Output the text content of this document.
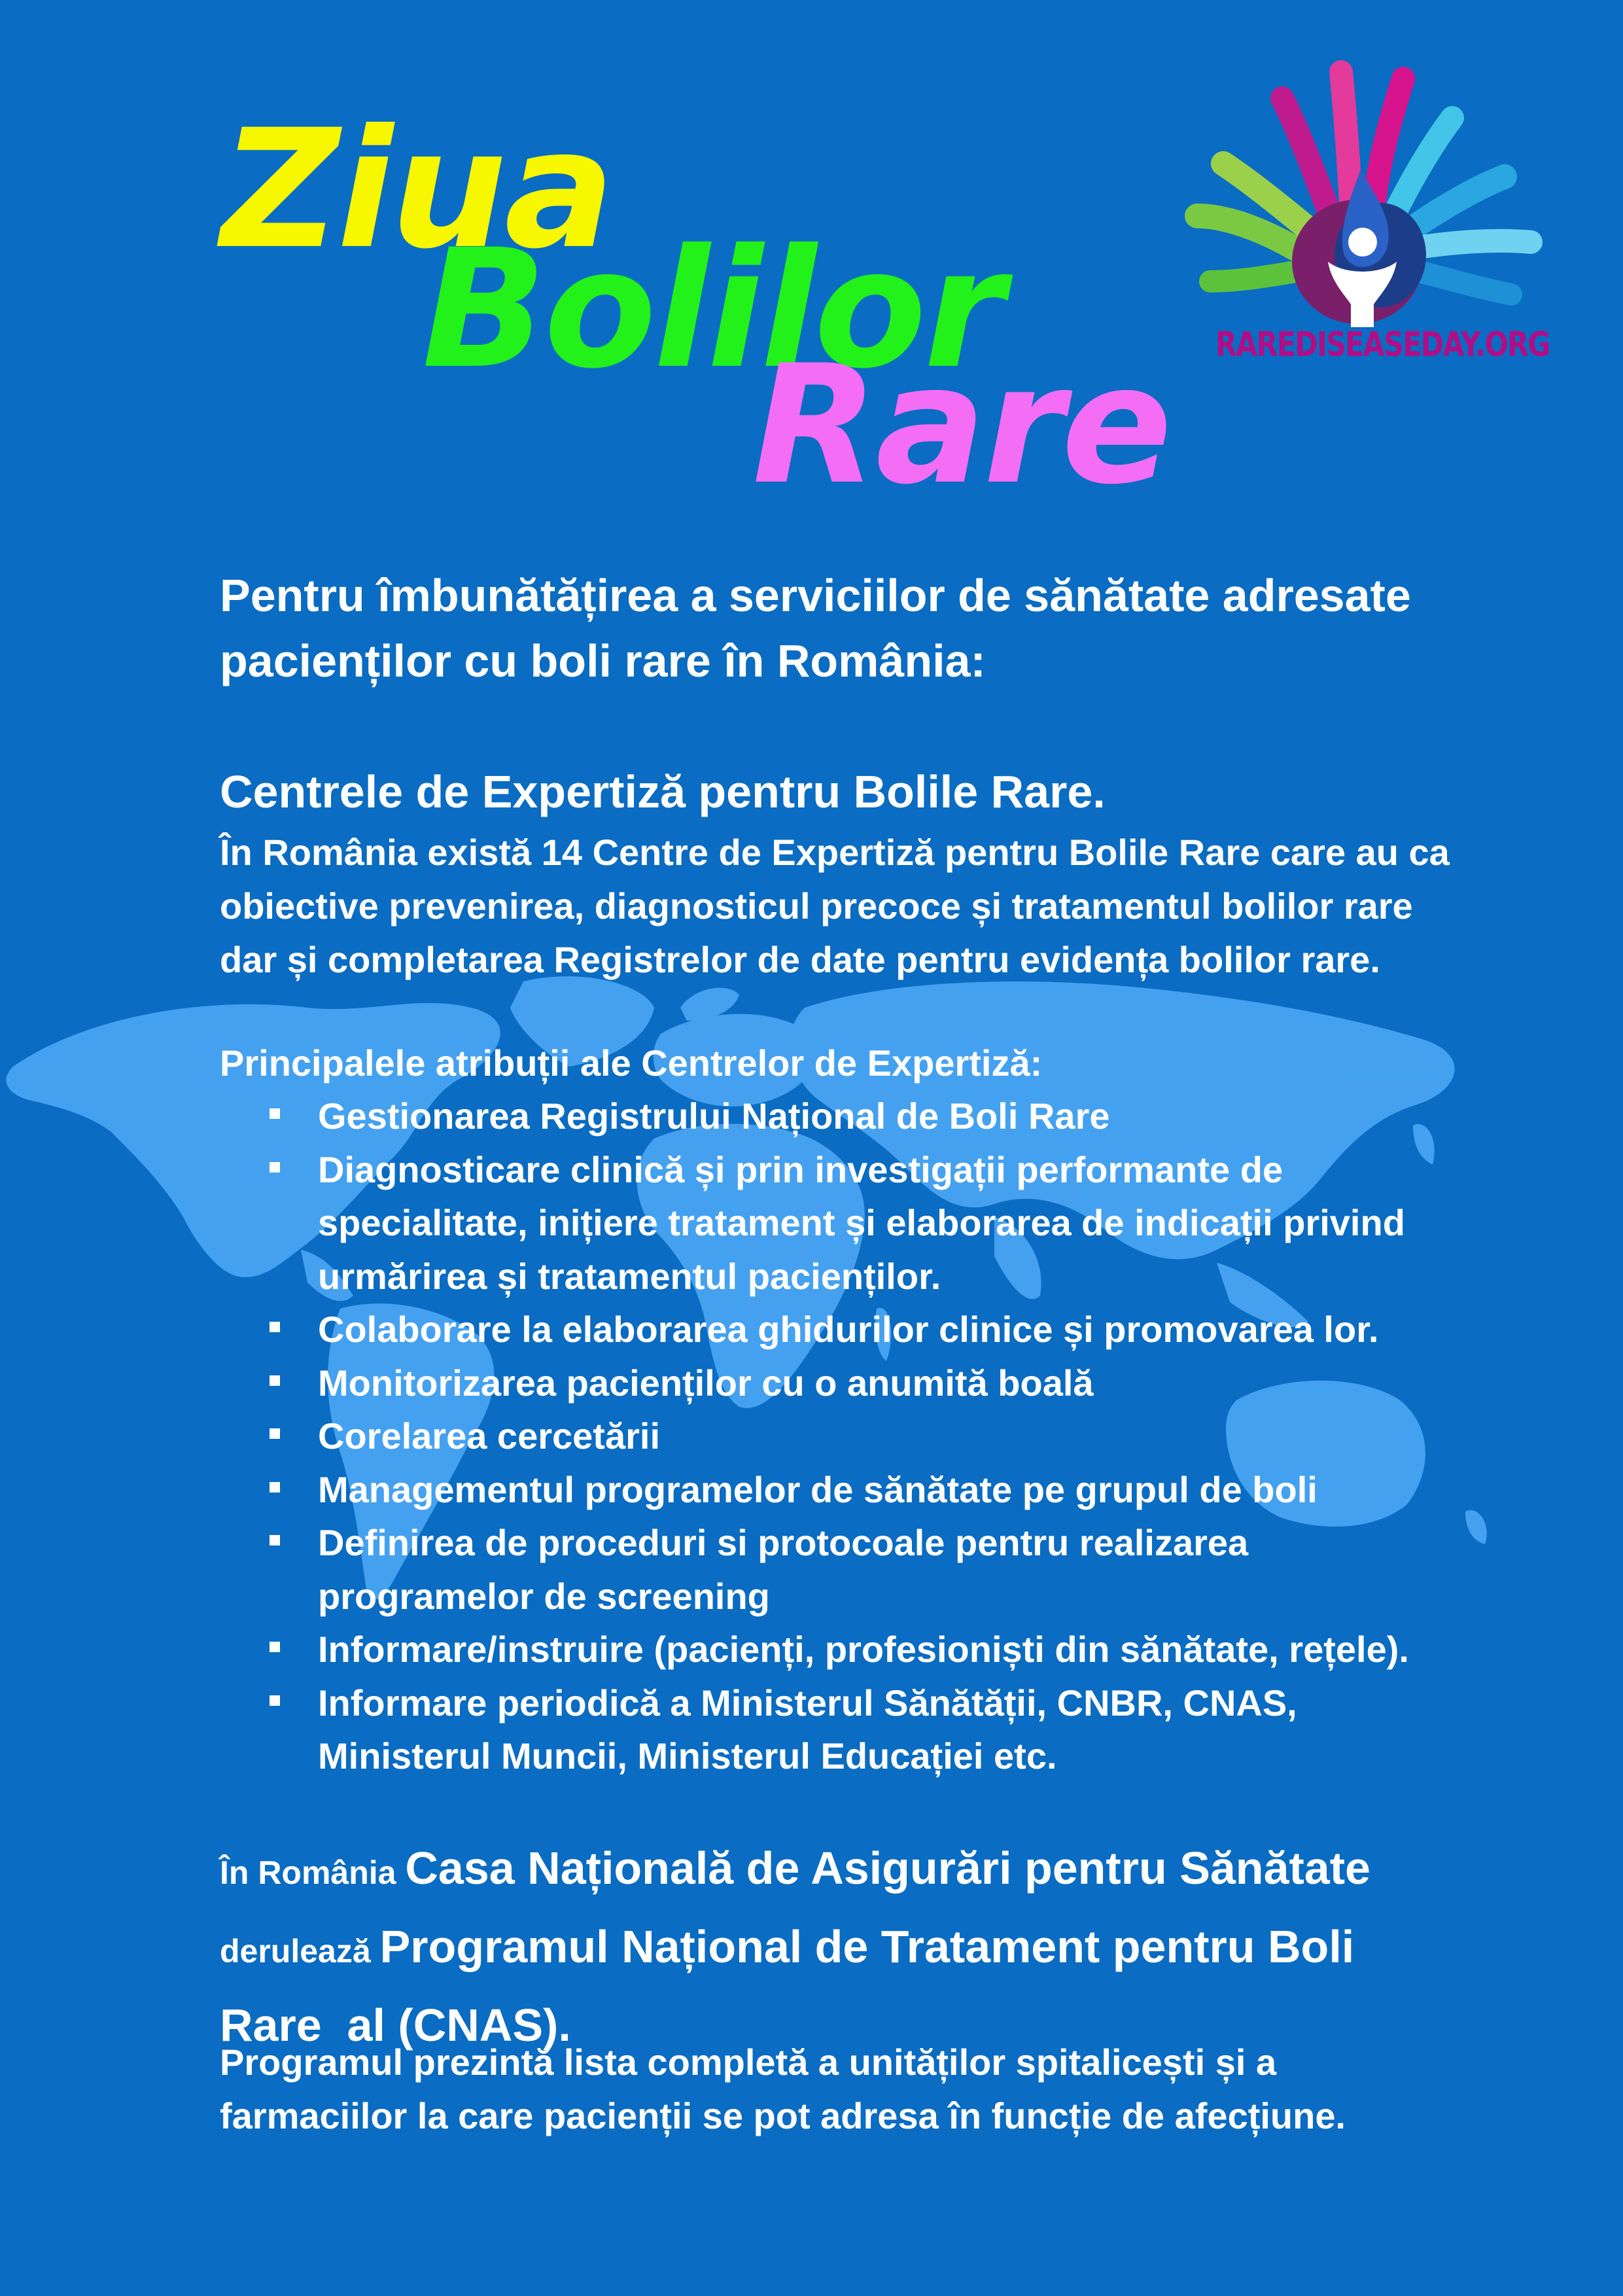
Ziua
Bolilor
Rare RAREDISEASEDAY.ORG
Pentru îmbunătățirea a serviciilor de sănătate adresate
pacienților cu boli rare în România:
Centrele de Expertiză pentru Bolile Rare.
În România există 14 Centre de Expertiză pentru Bolile Rare care au ca
obiective prevenirea, diagnosticul precoce și tratamentul bolilor rare
dar și completarea Registrelor de date pentru evidența bolilor rare.
Principalele atribuții ale Centrelor de Expertiză:
Gestionarea Registrului Național de Boli Rare
Diagnosticare clinică și prin investigații performante de
specialitate, inițiere tratament și elaborarea de indicații privind
urmărirea și tratamentul pacienților.
Colaborare la elaborarea ghidurilor clinice și promovarea lor.
Monitorizarea pacienților cu o anumită boală
Corelarea cercetării
Managementul programelor de sănătate pe grupul de boli
Definirea de proceduri si protocoale pentru realizarea
programelor de screening
Informare/instruire (pacienți, profesioniști din sănătate, rețele).
Informare periodică a Ministerul Sănătății, CNBR, CNAS,
Ministerul Muncii, Ministerul Educației etc.
În România Casa Națională de Asigurări pentru Sănătate
derulează Programul Național de Tratament pentru Boli
Rare  al (CNAS).
Programul prezintă lista completă a unităților spitalicești și a
farmaciilor la care pacienții se pot adresa în funcție de afecțiune.
